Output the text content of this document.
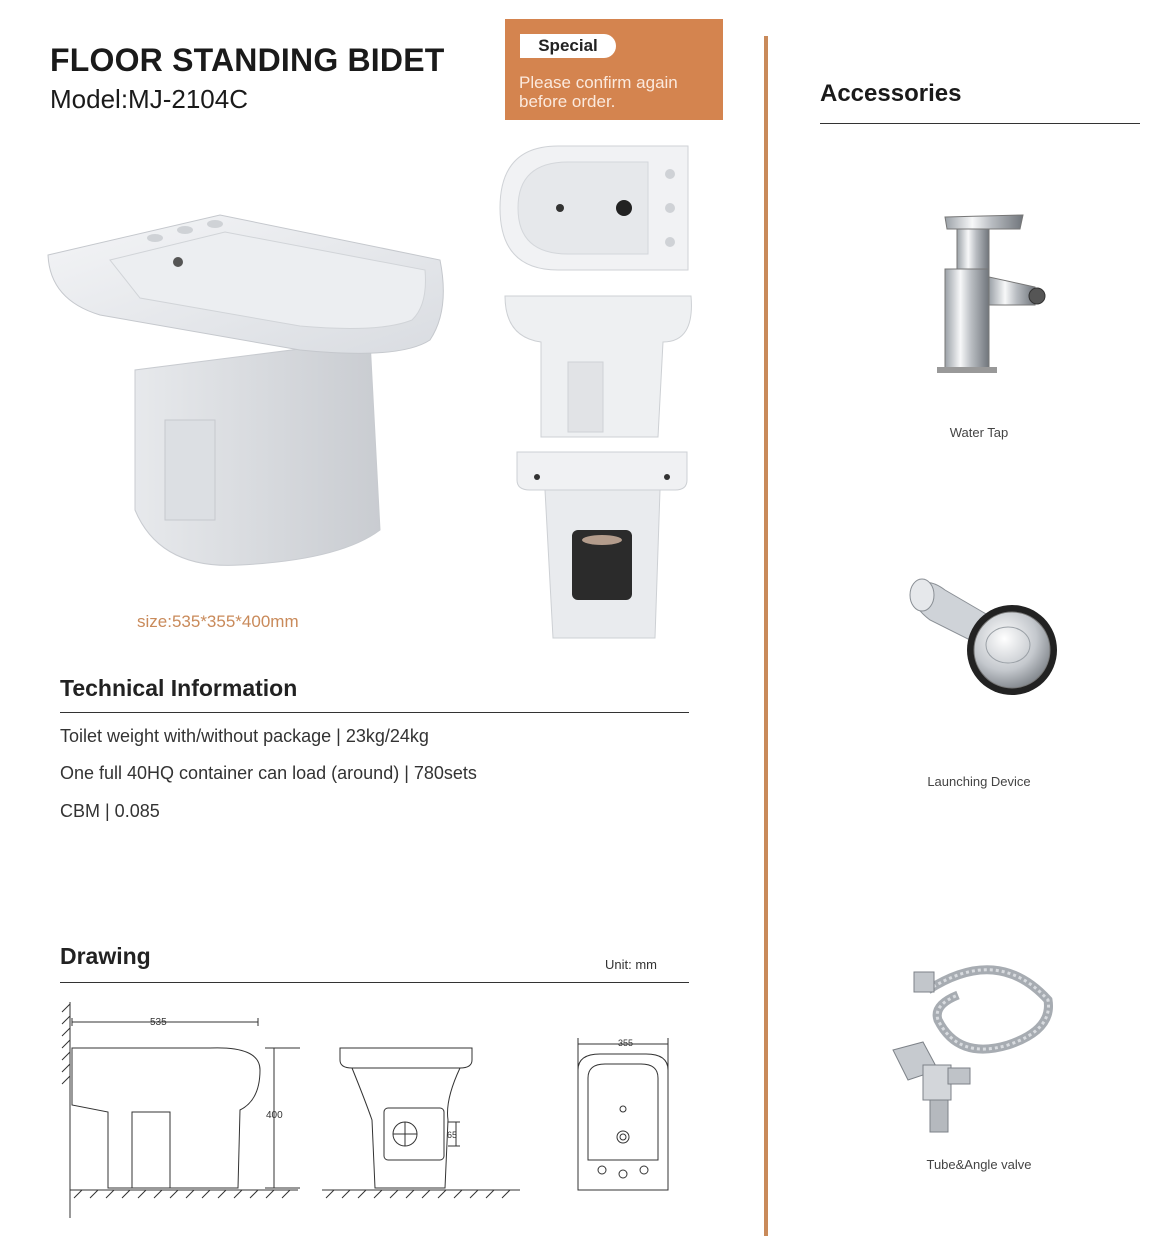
FLOOR STANDING BIDET
Model:MJ-2104C
Special
Please confirm again before order.
size:535*355*400mm
Technical Information
Toilet weight with/without package | 23kg/24kg
One full 40HQ container can load (around) | 780sets
CBM | 0.085
Drawing	Unit: mm
535
400
65
355
Accessories
Water Tap
Launching Device
Tube&Angle valve
